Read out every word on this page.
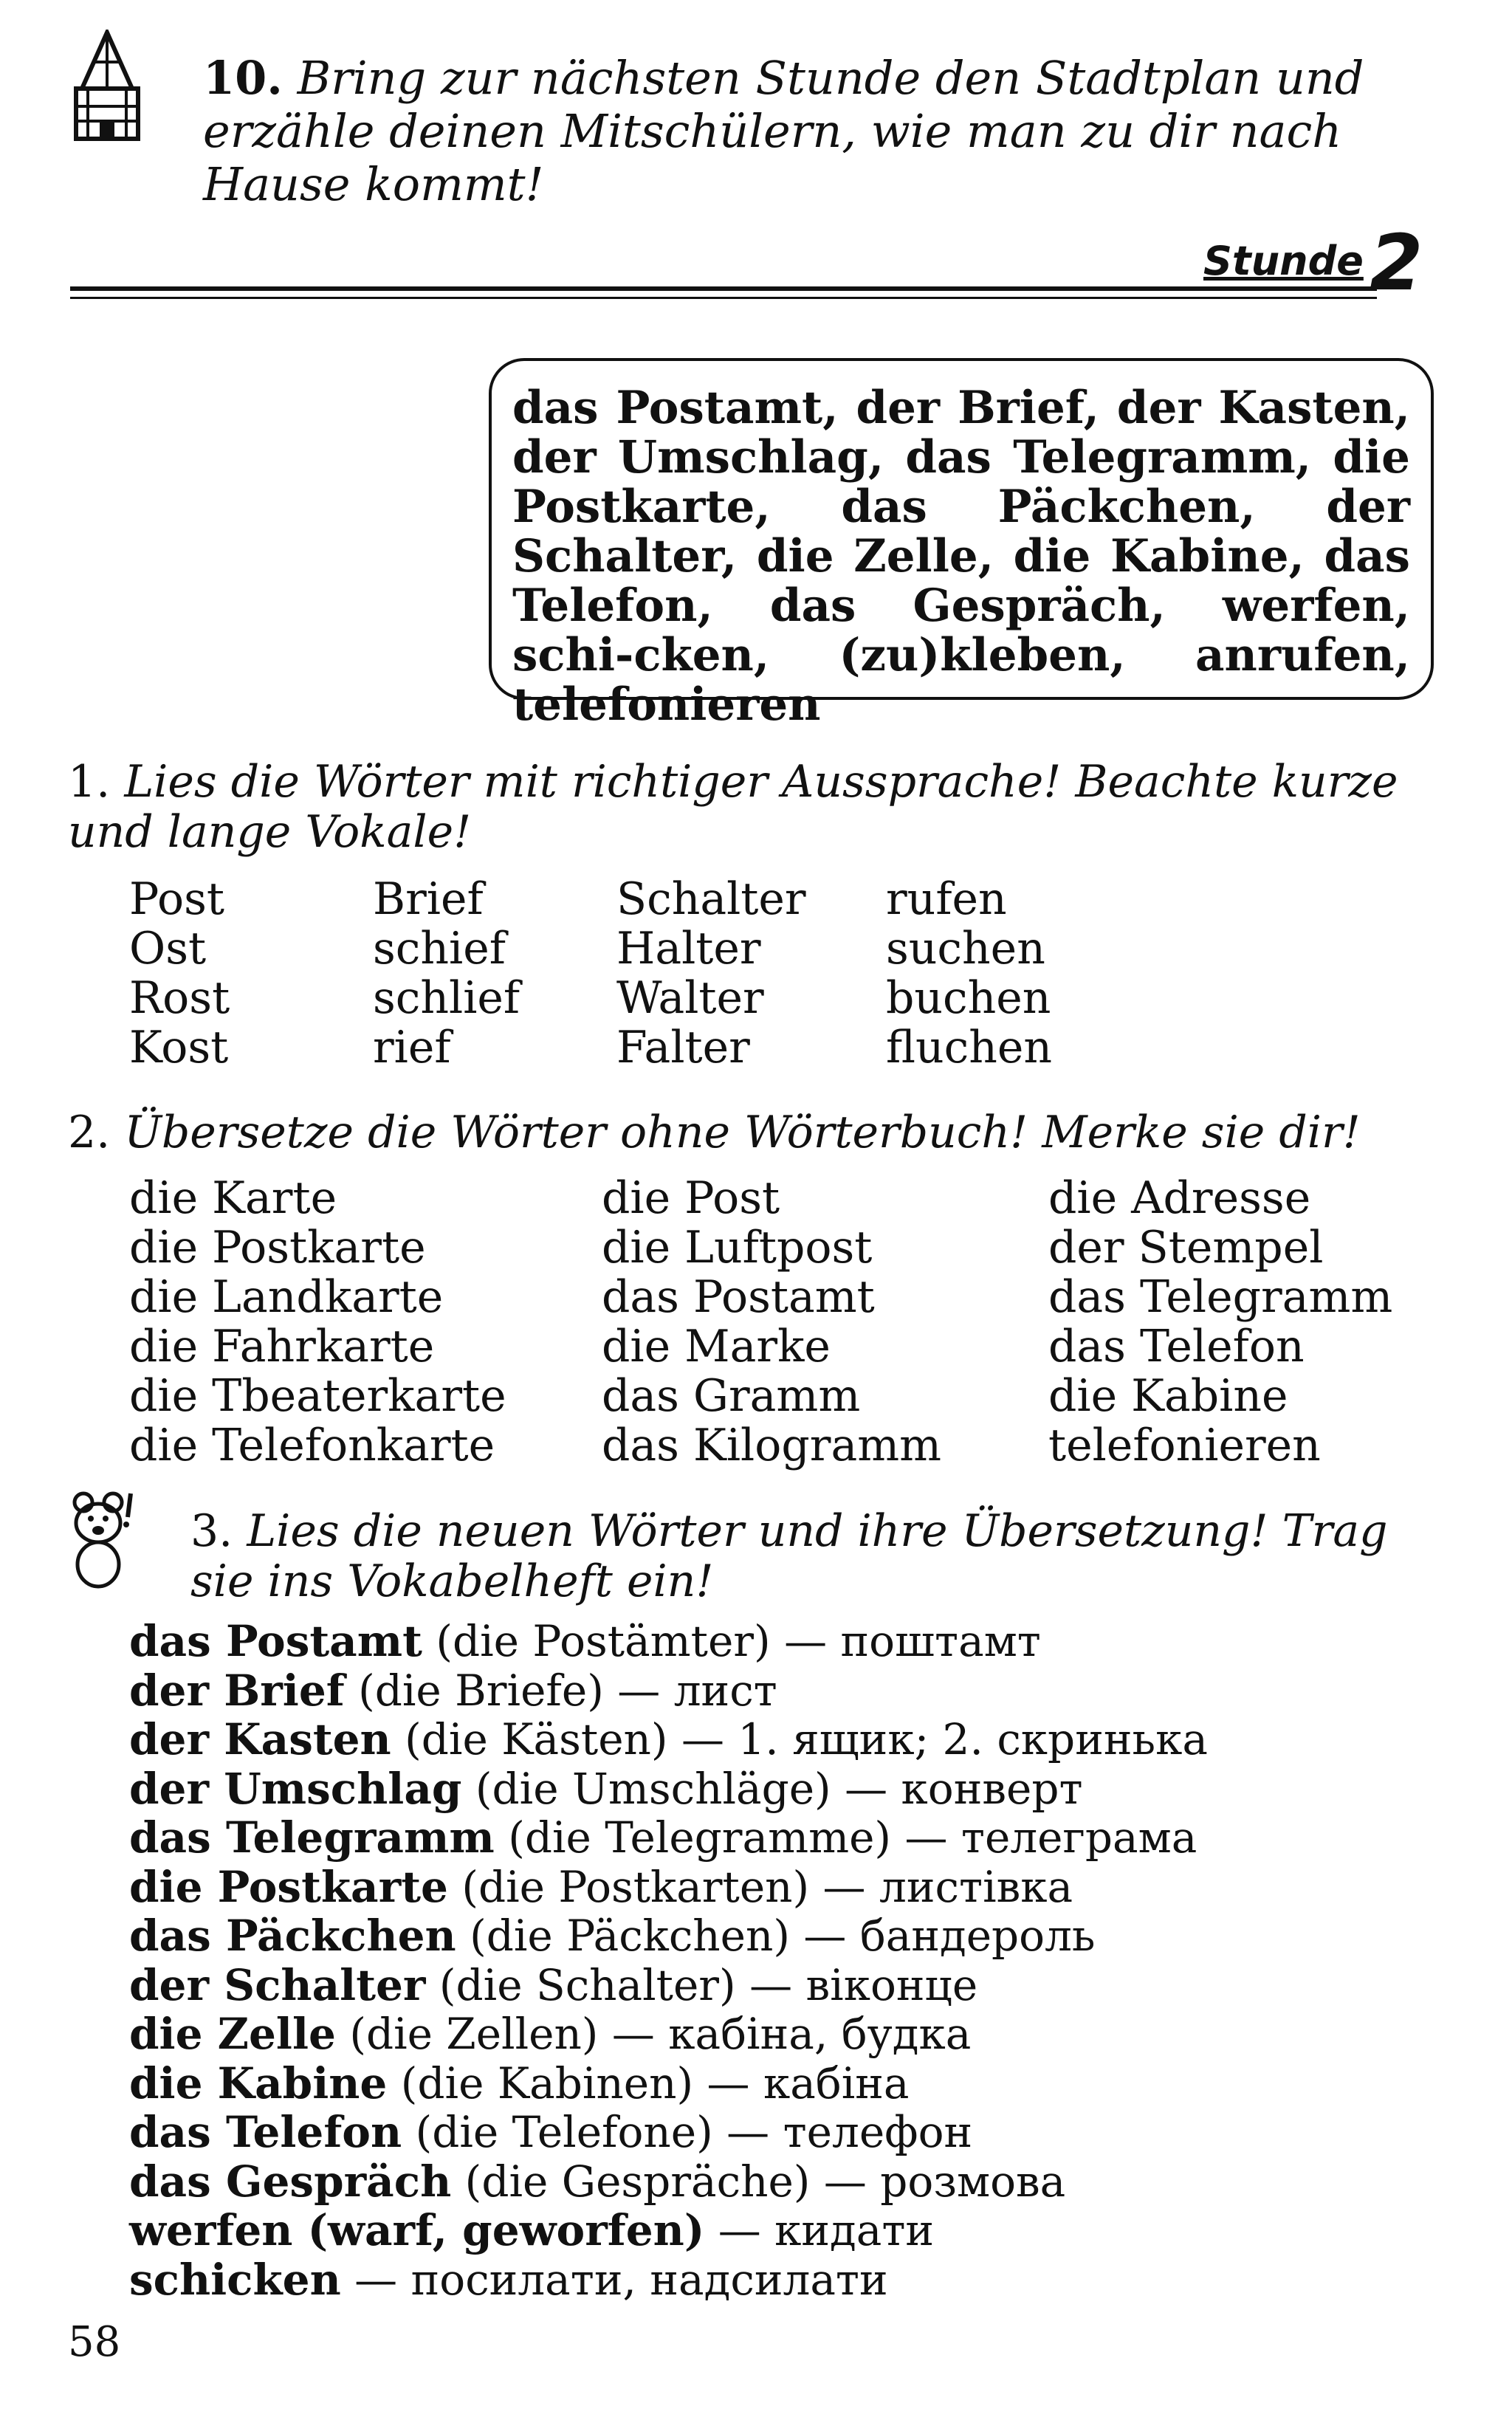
10. Bring zur nächsten Stunde den Stadtplan und erzähle deinen Mitschülern, wie man zu dir nach Hause kommt!
Stunde 2

das Postamt, der Brief, der Kasten, der Umschlag, das Telegramm, die Postkarte, das Päckchen, der Schalter, die Zelle, die Kabine, das Telefon, das Gespräch, werfen, schi-cken, (zu)kleben, anrufen, telefonieren

1. Lies die Wörter mit richtiger Aussprache! Beachte kurze und lange Vokale!
Post	Brief	Schalter	rufen
Ost	schief	Halter	suchen
Rost	schlief	Walter	buchen
Kost	rief	Falter	fluchen
2. Übersetze die Wörter ohne Wörterbuch! Merke sie dir!
die Karte	die Post	die Adresse
die Postkarte	die Luftpost	der Stempel
die Landkarte	das Postamt	das Telegramm
die Fahrkarte	die Marke	das Telefon
die Tbeaterkarte	das Gramm	die Kabine
die Telefonkarte	das Kilogramm	telefonieren
3. Lies die neuen Wörter und ihre Übersetzung! Trag sie ins Vokabelheft ein!
das Postamt (die Postämter) — поштамт
der Brief (die Briefe) — лист
der Kasten (die Kästen) — 1. ящик; 2. скринька
der Umschlag (die Umschläge) — конверт
das Telegramm (die Telegramme) — телеграма
die Postkarte (die Postkarten) — листівка
das Päckchen (die Päckchen) — бандероль
der Schalter (die Schalter) — віконце
die Zelle (die Zellen) — кабіна, будка
die Kabine (die Kabinen) — кабіна
das Telefon (die Telefone) — телефон
das Gespräch (die Gespräche) — розмова
werfen (warf, geworfen) — кидати
schicken — посилати, надсилати
58
